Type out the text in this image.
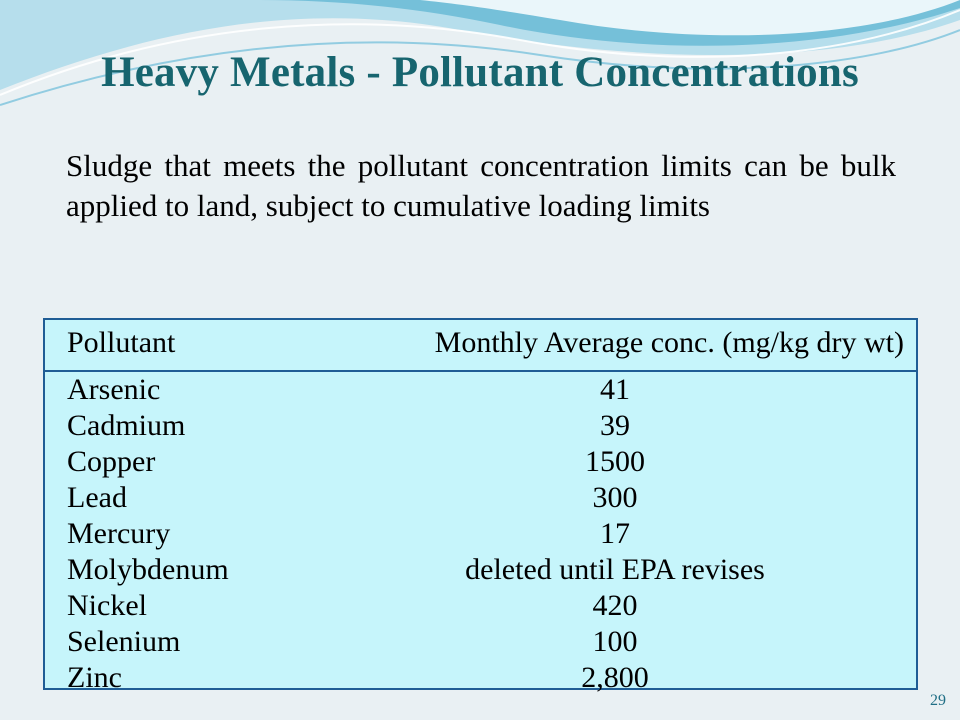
Heavy Metals - Pollutant Concentrations

Sludge that meets the pollutant concentration limits can be bulk applied to land, subject to cumulative loading limits

Pollutant	Monthly Average conc. (mg/kg dry wt)
Arsenic	41
Cadmium	39
Copper	1500
Lead	300
Mercury	17
Molybdenum	deleted until EPA revises
Nickel	420
Selenium	100
Zinc	2,800
29
